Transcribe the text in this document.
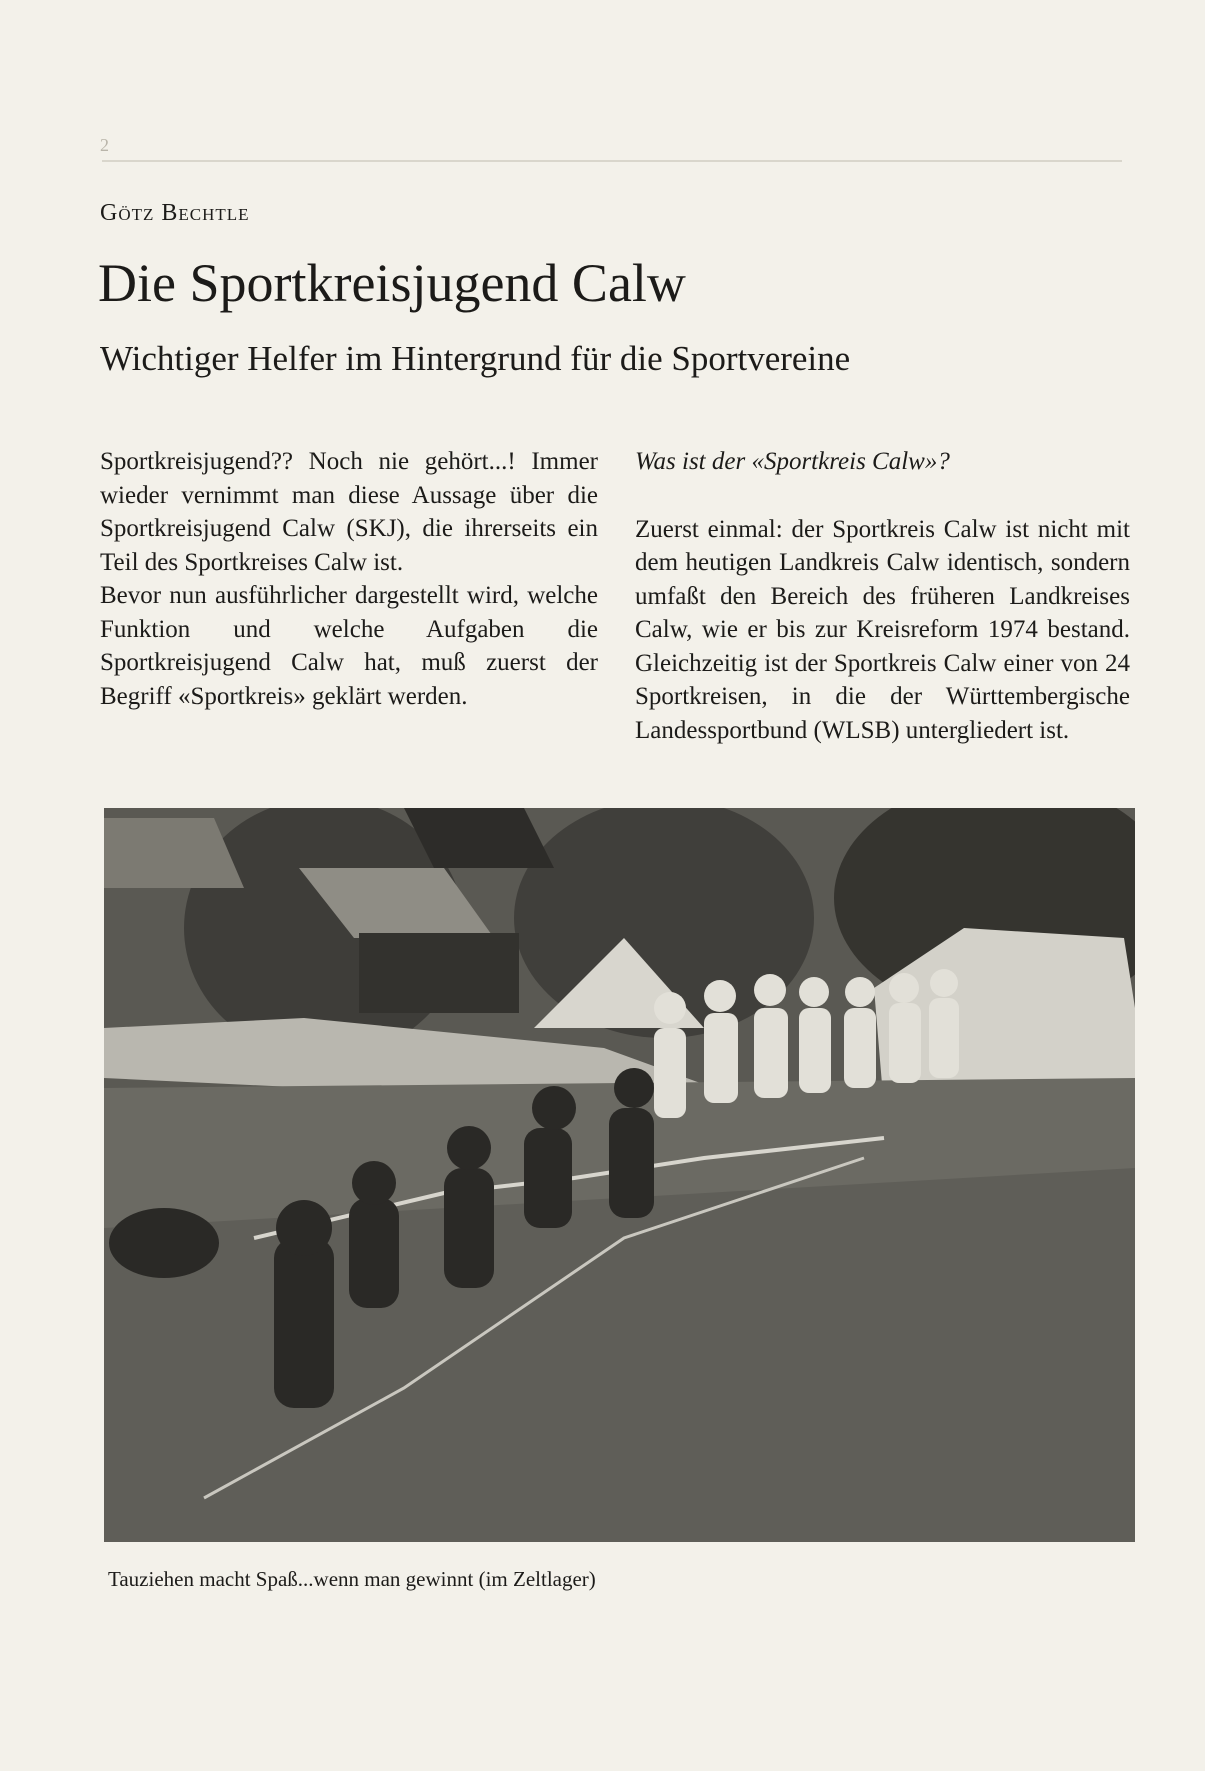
2
Götz Bechtle
Die Sportkreisjugend Calw
Wichtiger Helfer im Hintergrund für die Sportvereine

Sportkreisjugend?? Noch nie gehört...! Immer wieder vernimmt man diese Aussage über die Sportkreisjugend Calw (SKJ), die ihrerseits ein Teil des Sportkreises Calw ist.

Bevor nun ausführlicher dargestellt wird, welche Funktion und welche Aufgaben die Sportkreisjugend Calw hat, muß zuerst der Begriff «Sportkreis» geklärt werden.

Was ist der «Sportkreis Calw»?

Zuerst einmal: der Sportkreis Calw ist nicht mit dem heutigen Landkreis Calw identisch, sondern umfaßt den Bereich des früheren Landkreises Calw, wie er bis zur Kreisreform 1974 bestand. Gleichzeitig ist der Sportkreis Calw einer von 24 Sportkreisen, in die der Württembergische Landessportbund (WLSB) untergliedert ist.

Tauziehen macht Spaß...wenn man gewinnt (im Zeltlager)
